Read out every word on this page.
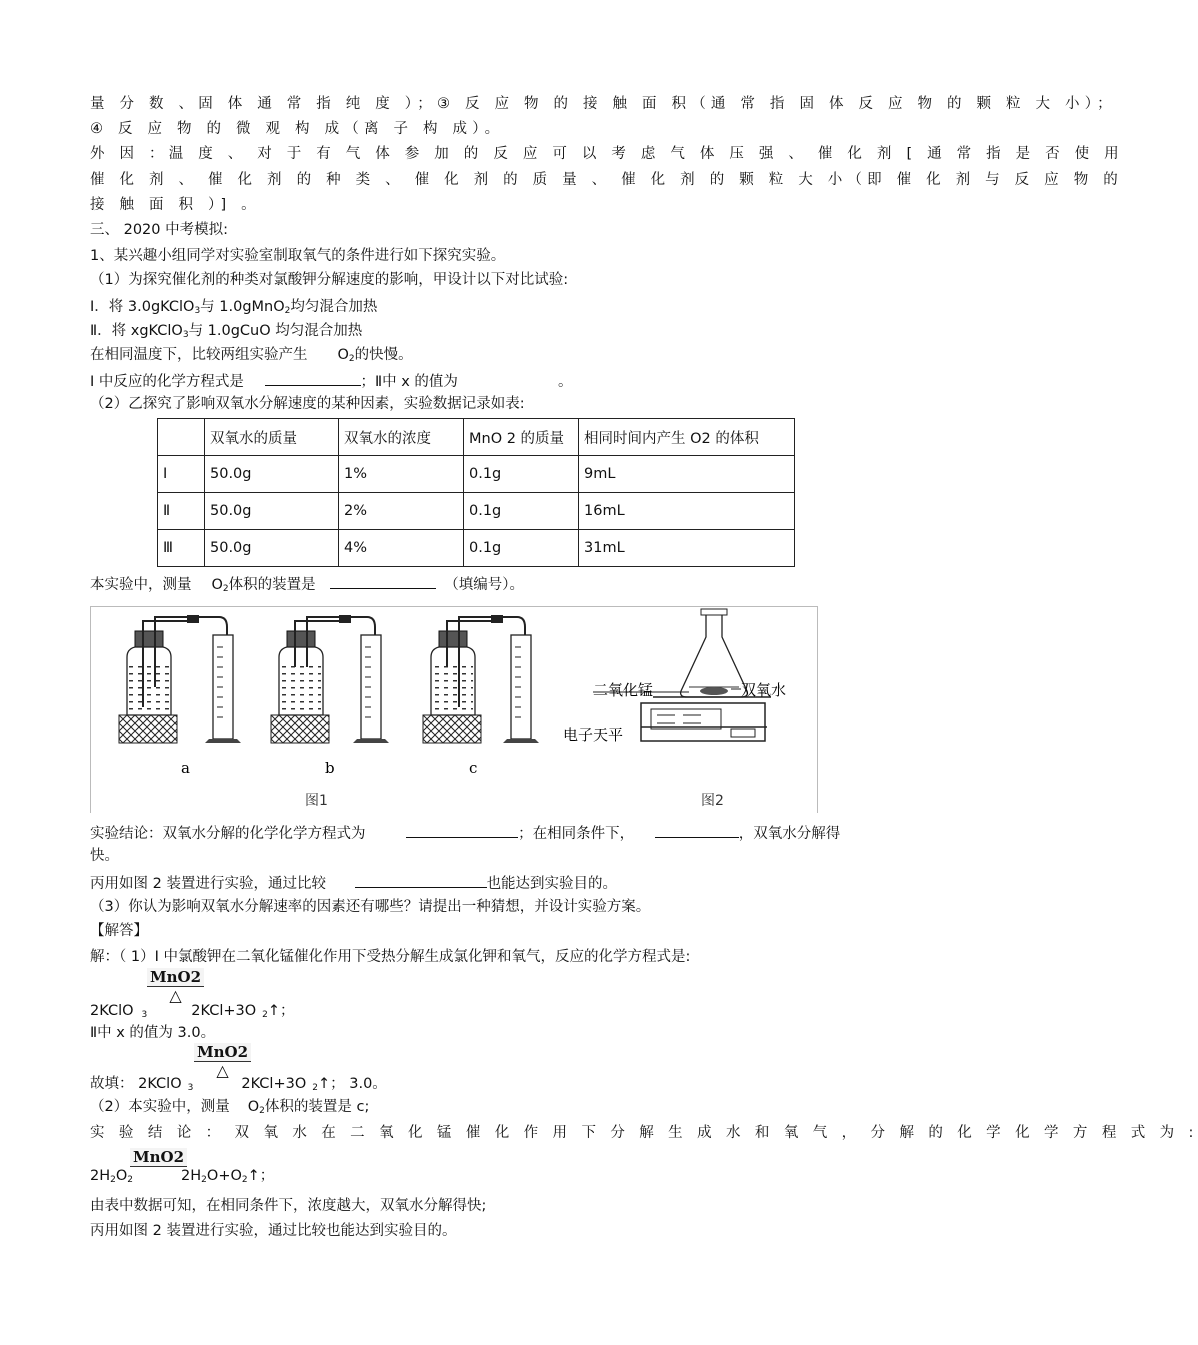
量 分 数 、固 体 通 常 指 纯 度 ）；③ 反 应 物 的 接 触 面 积（通 常 指 固 体 反 应 物 的 颗 粒 大 小）；
④ 反 应 物 的 微 观 构 成（离 子 构 成）。
外 因 ：温 度 、 对 于 有 气 体 参 加 的 反 应 可 以 考 虑 气 体 压 强 、 催 化 剂 [ 通 常 指 是 否 使 用
催 化 剂 、 催 化 剂 的 种 类 、 催 化 剂 的 质 量 、 催 化 剂 的 颗 粒 大 小（即 催 化 剂 与 反 应 物 的
接 触 面 积 ）] 。
三、 2020 中考模拟:
1、某兴趣小组同学对实验室制取氧气的条件进行如下探究实验。
（1）为探究催化剂的种类对氯酸钾分解速度的影响，甲设计以下对比试验:
I．将 3.0gKClO$_3$与 1.0gMnO$_2$均匀混合加热
Ⅱ．将 xgKClO$_3$与 1.0gCuO 均匀混合加热
在相同温度下，比较两组实验产生 $O_2$的快慢。
I 中反应的化学方程式是	；Ⅱ中 x 的值为	。
（2）乙探究了影响双氧水分解速度的某种因素，实验数据记录如表:
	双氧水的质量	双氧水的浓度	MnO 2 的质量	相同时间内产生 O2 的体积
I	50.0g	1%	0.1g	9mL
Ⅱ	50.0g	2%	0.1g	16mL
Ⅲ	50.0g	4%	0.1g	31mL
本实验中，测量 $O_2$体积的装置是	（填编号）。
a	b	c
图1	图2
二氧化锰	双氧水
电子天平
实验结论：双氧水分解的化学化学方程式为	；在相同条件下，	，双氧水分解得
快。
丙用如图 2 装置进行实验，通过比较	也能达到实验目的。
（3）你认为影响双氧水分解速率的因素还有哪些？请提出一种猜想，并设计实验方案。
【解答】
解：（ 1）I 中氯酸钾在二氧化锰催化作用下受热分解生成氯化钾和氧气，反应的化学方程式是:
MnO2
△
2KClO $_3$	2KCl+3O $_2$↑；
Ⅱ中 x 的值为 3.0。
MnO2
△
故填： 2KClO $_3$	2KCl+3O $_2$↑； 3.0。
（2）本实验中，测量 $O_2$体积的装置是 c;
实 验 结 论 ： 双 氧 水 在 二 氧 化 锰 催 化 作 用 下 分 解 生 成 水 和 氧 气 ， 分 解 的 化 学 化 学 方 程 式 为 :
MnO2
$2H_2O_2$	$2H_2O+O_2↑$；
由表中数据可知，在相同条件下，浓度越大，双氧水分解得快;
丙用如图 2 装置进行实验，通过比较也能达到实验目的。
